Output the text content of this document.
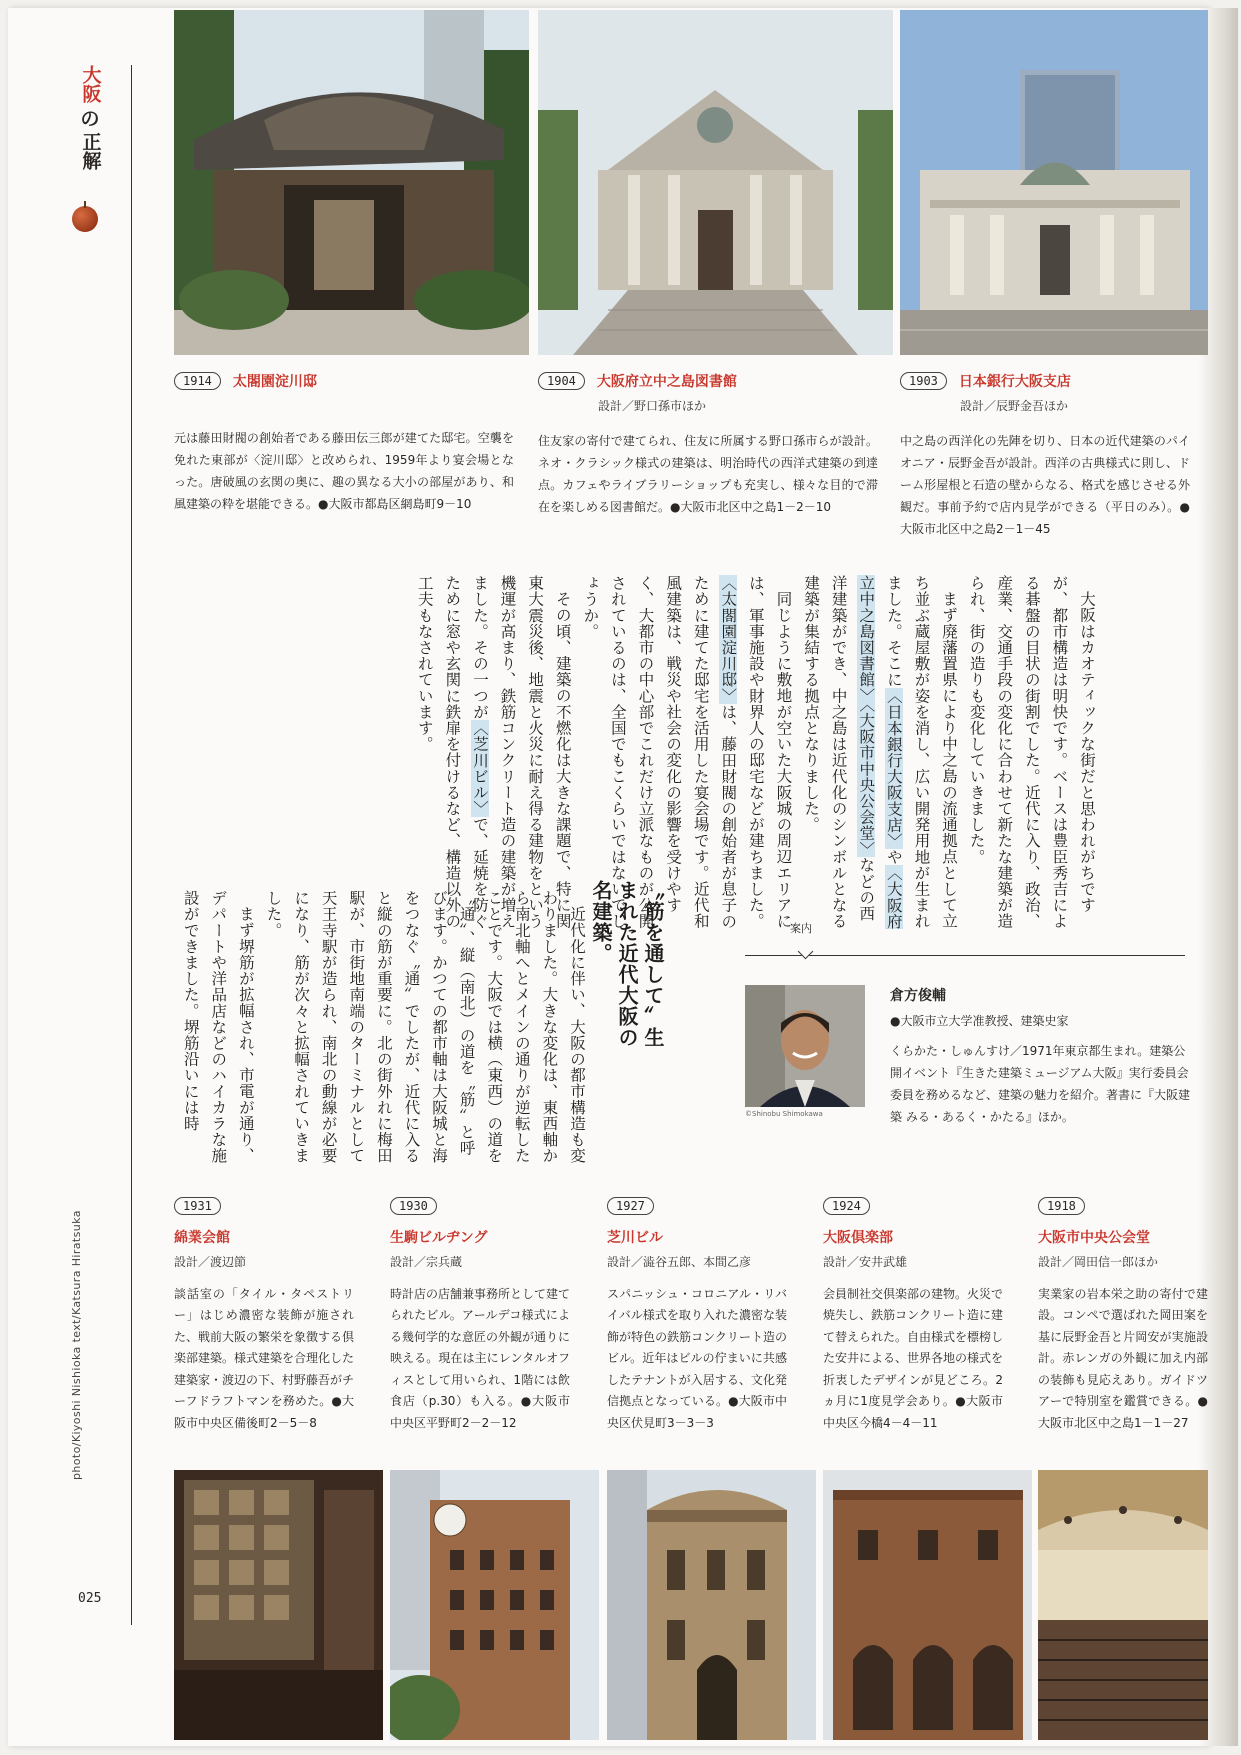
大阪
の
正解
photo/Kiyoshi Nishioka text/Katsura Hiratsuka
025
1914 太閤園淀川邸
元は藤田財閥の創始者である藤田伝三郎が建てた邸宅。空襲を免れた東部が〈淀川邸〉と改められ、1959年より宴会場となった。唐破風の玄関の奥に、趣の異なる大小の部屋があり、和風建築の粋を堪能できる。●大阪市都島区網島町9－10
1904 大阪府立中之島図書館
設計／野口孫市ほか
住友家の寄付で建てられ、住友に所属する野口孫市らが設計。ネオ・クラシック様式の建築は、明治時代の西洋式建築の到達点。カフェやライブラリーショップも充実し、様々な目的で滞在を楽しめる図書館だ。●大阪市北区中之島1－2－10
1903 日本銀行大阪支店
設計／辰野金吾ほか
中之島の西洋化の先陣を切り、日本の近代建築のパイオニア・辰野金吾が設計。西洋の古典様式に則し、ドーム形屋根と石造の壁からなる、格式を感じさせる外観だ。事前予約で店内見学ができる（平日のみ）。●大阪市北区中之島2－1－45

大阪はカオティックな街だと思われがちですが、都市構造は明快です。ベースは豊臣秀吉による碁盤の目状の街割でした。近代に入り、政治、産業、交通手段の変化に合わせて新たな建築が造られ、街の造りも変化していきました。

まず廃藩置県により中之島の流通拠点として立ち並ぶ蔵屋敷が姿を消し、広い開発用地が生まれました。そこに〈日本銀行大阪支店〉や〈大阪府立中之島図書館〉〈大阪市中央公会堂〉などの西洋建築ができ、中之島は近代化のシンボルとなる建築が集結する拠点となりました。

同じように敷地が空いた大阪城の周辺エリアには、軍事施設や財界人の邸宅などが建ちました。〈太閤園淀川邸〉は、藤田財閥の創始者が息子のために建てた邸宅を活用した宴会場です。近代和風建築は、戦災や社会の変化の影響を受けやすく、大都市の中心部でこれだけ立派なものが公開されているのは、全国でもこくらいではないでしょうか。

その頃、建築の不燃化は大きな課題で、特に関東大震災後、地震と火災に耐え得る建物をという機運が高まり、鉄筋コンクリート造の建築が増えました。その一つが〈芝川ビル〉で、延焼を防ぐために窓や玄関に鉄扉を付けるなど、構造以外の工夫もなされています。

〝筋を通して〟生まれた近代大阪の名建築。

近代化に伴い、大阪の都市構造も変わりました。大きな変化は、東西軸から南北軸へとメインの通りが逆転したことです。大阪では横（東西）の道を〝通〟、縦（南北）の道を〝筋〟と呼びます。かつての都市軸は大阪城と海をつなぐ〝通〟でしたが、近代に入ると縦の筋が重要に。北の街外れに梅田駅が、市街地南端のターミナルとして天王寺駅が造られ、南北の動線が必要になり、筋が次々と拡幅されていきました。

まず堺筋が拡幅され、市電が通り、デパートや洋品店などのハイカラな施設ができました。堺筋沿いには時	案内
©Shinobu Shimokawa
倉方俊輔
●大阪市立大学准教授、建築史家
くらかた・しゅんすけ／1971年東京都生まれ。建築公開イベント『生きた建築ミュージアム大阪』実行委員会委員を務めるなど、建築の魅力を紹介。著書に『大阪建築 みる・あるく・かたる』ほか。
1931
綿業会館
設計／渡辺節
談話室の「タイル・タペストリー」はじめ濃密な装飾が施された、戦前大阪の繁栄を象徴する倶楽部建築。様式建築を合理化した建築家・渡辺の下、村野藤吾がチーフドラフトマンを務めた。●大阪市中央区備後町2－5－8
1930
生駒ビルヂング
設計／宗兵蔵
時計店の店舗兼事務所として建てられたビル。アールデコ様式による幾何学的な意匠の外観が通りに映える。現在は主にレンタルオフィスとして用いられ、1階には飲食店（p.30）も入る。●大阪市中央区平野町2－2－12
1927
芝川ビル
設計／澁谷五郎、本間乙彦
スパニッシュ・コロニアル・リバイバル様式を取り入れた濃密な装飾が特色の鉄筋コンクリート造のビル。近年はビルの佇まいに共感したテナントが入居する、文化発信拠点となっている。●大阪市中央区伏見町3－3－3
1924
大阪倶楽部
設計／安井武雄
会員制社交倶楽部の建物。火災で焼失し、鉄筋コンクリート造に建て替えられた。自由様式を標榜した安井による、世界各地の様式を折衷したデザインが見どころ。2ヵ月に1度見学会あり。●大阪市中央区今橋4－4－11
1918
大阪市中央公会堂
設計／岡田信一郎ほか
実業家の岩本栄之助の寄付で建設。コンペで選ばれた岡田案を基に辰野金吾と片岡安が実施設計。赤レンガの外観に加え内部の装飾も見応えあり。ガイドツアーで特別室を鑑賞できる。●大阪市北区中之島1－1－27
